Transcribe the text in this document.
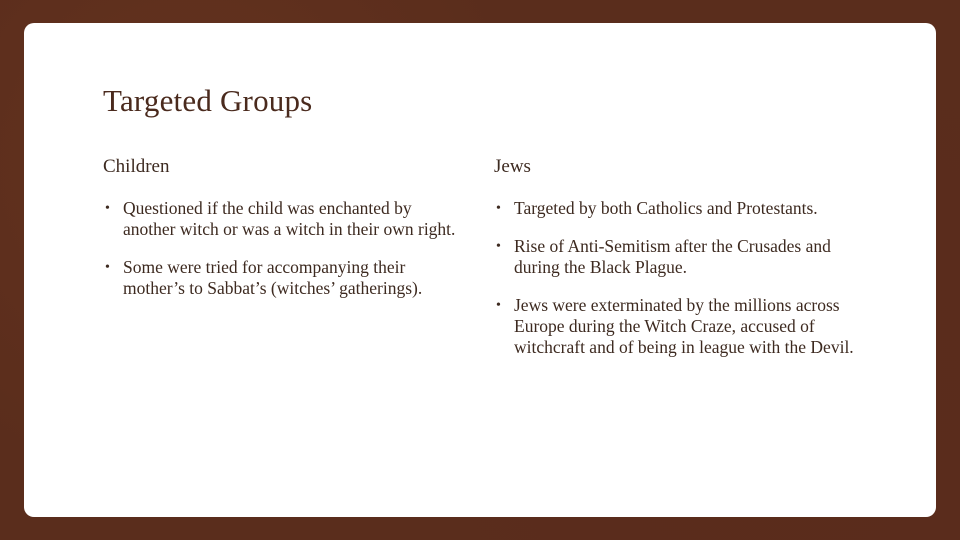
Targeted Groups
Children
• Questioned if the child was enchanted by another witch or was a witch in their own right.
• Some were tried for accompanying their mother’s to Sabbat’s (witches’ gatherings).
Jews
• Targeted by both Catholics and Protestants.
• Rise of Anti-Semitism after the Crusades and during the Black Plague.
• Jews were exterminated by the millions across Europe during the Witch Craze, accused of witchcraft and of being in league with the Devil.
